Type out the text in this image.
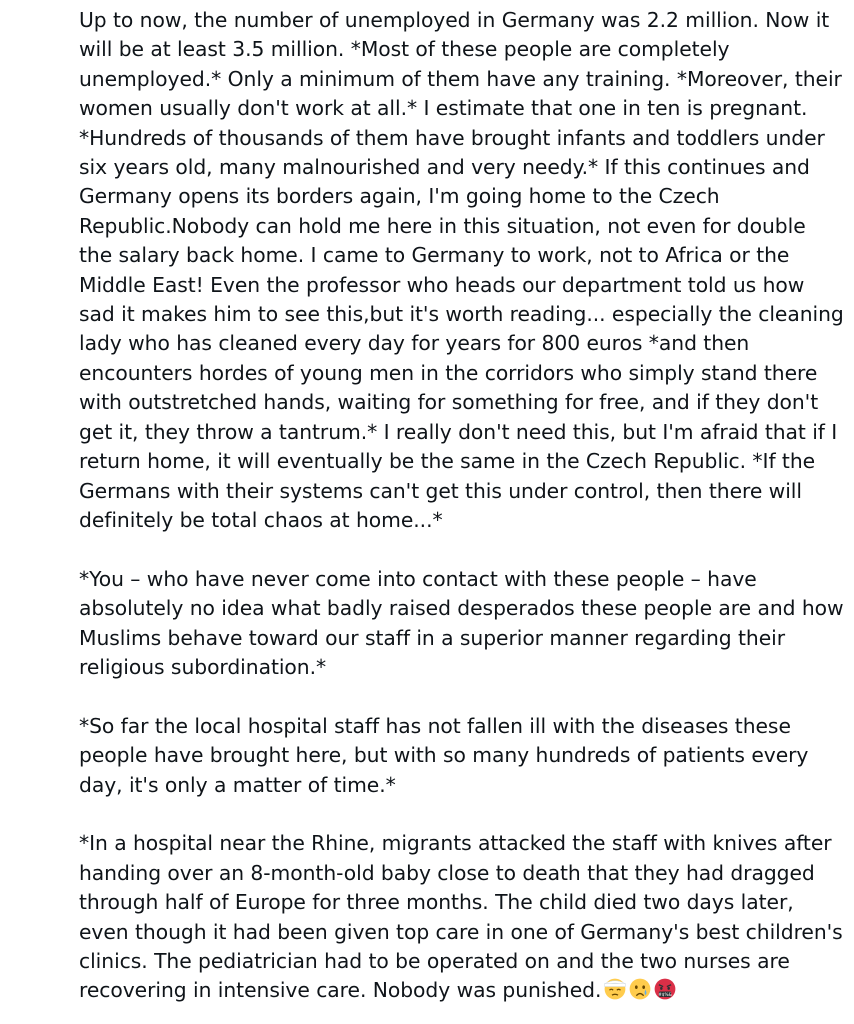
Up to now, the number of unemployed in Germany was 2.2 million. Now it will be at least 3.5 million. *Most of these people are completely unemployed.* Only a minimum of them have any training. *Moreover, their women usually don't work at all.* I estimate that one in ten is pregnant. *Hundreds of thousands of them have brought infants and toddlers under six years old, many malnourished and very needy.* If this continues and Germany opens its borders again, I'm going home to the Czech Republic.Nobody can hold me here in this situation, not even for double the salary back home. I came to Germany to work, not to Africa or the Middle East! Even the professor who heads our department told us how sad it makes him to see this,but it's worth reading... especially the cleaning lady who has cleaned every day for years for 800 euros *and then encounters hordes of young men in the corridors who simply stand there with outstretched hands, waiting for something for free, and if they don't get it, they throw a tantrum.* I really don't need this, but I'm afraid that if I return home, it will eventually be the same in the Czech Republic. *If the Germans with their systems can't get this under control, then there will definitely be total chaos at home...*

*You – who have never come into contact with these people – have absolutely no idea what badly raised desperados these people are and how Muslims behave toward our staff in a superior manner regarding their religious subordination.*

*So far the local hospital staff has not fallen ill with the diseases these people have brought here, but with so many hundreds of patients every day, it's only a matter of time.*

*In a hospital near the Rhine, migrants attacked the staff with knives after handing over an 8-month-old baby close to death that they had dragged through half of Europe for three months. The child died two days later, even though it had been given top care in one of Germany's best children's clinics. The pediatrician had to be operated on and the two nurses are recovering in intensive care. Nobody was punished.	#$%&
